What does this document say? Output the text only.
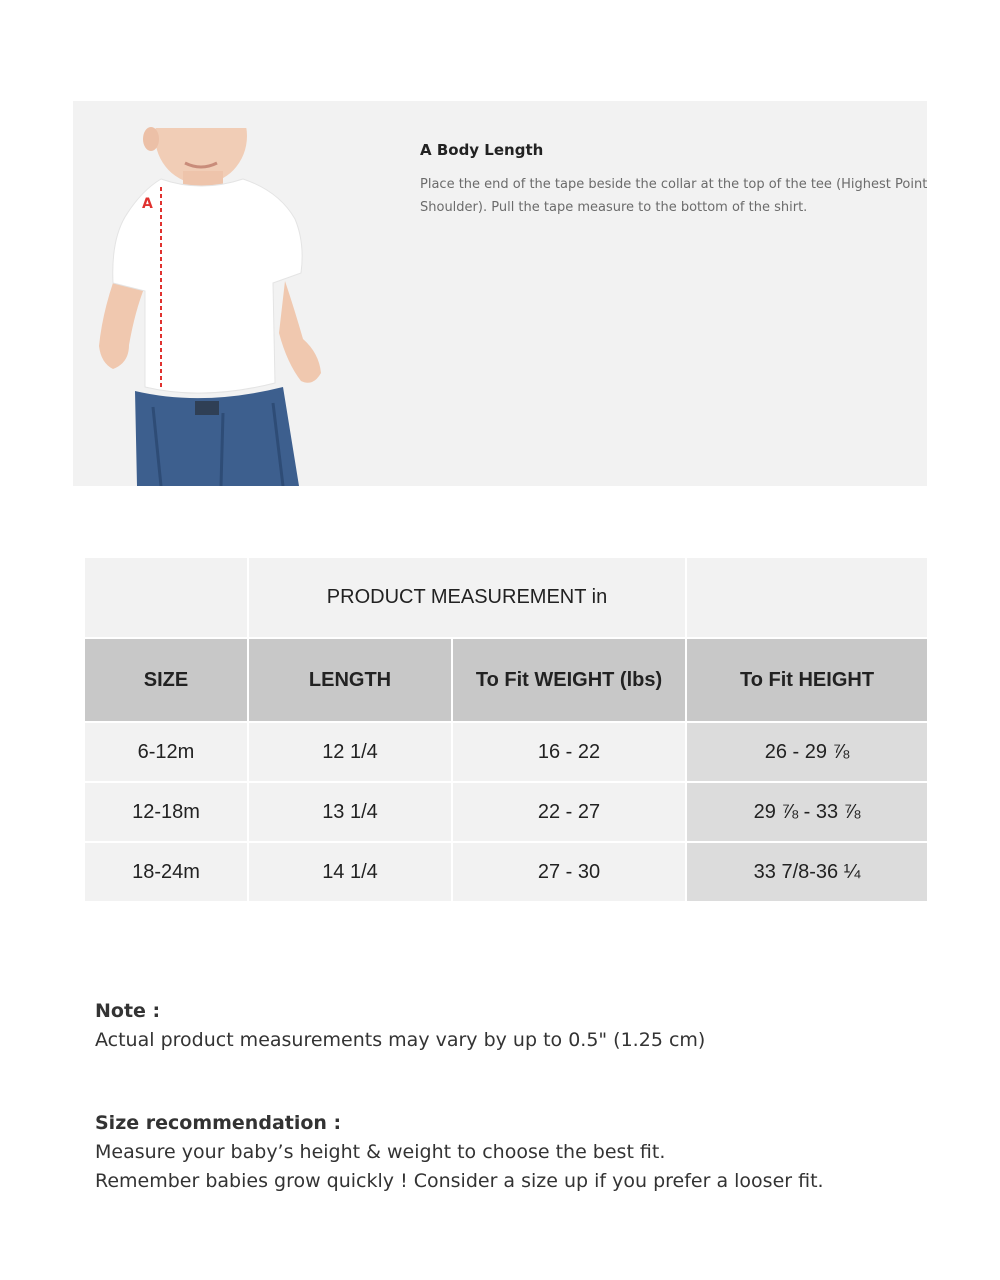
A

A Body Length

Place the end of the tape beside the collar at the top of the tee (Highest Point Shoulder). Pull the tape measure to the bottom of the shirt.

	PRODUCT MEASUREMENT in		
SIZE	LENGTH	To Fit WEIGHT (lbs)	To Fit HEIGHT
6-12m	12 1/4	16 - 22	26 - 29 ⅞
12-18m	13 1/4	22 - 27	29 ⅞ - 33 ⅞
18-24m	14 1/4	27 - 30	33 7/8-36 ¼

Note :

Actual product measurements may vary by up to 0.5" (1.25 cm)

Size recommendation :

Measure your baby’s height & weight to choose the best fit.

Remember babies grow quickly ! Consider a size up if you prefer a looser fit.
